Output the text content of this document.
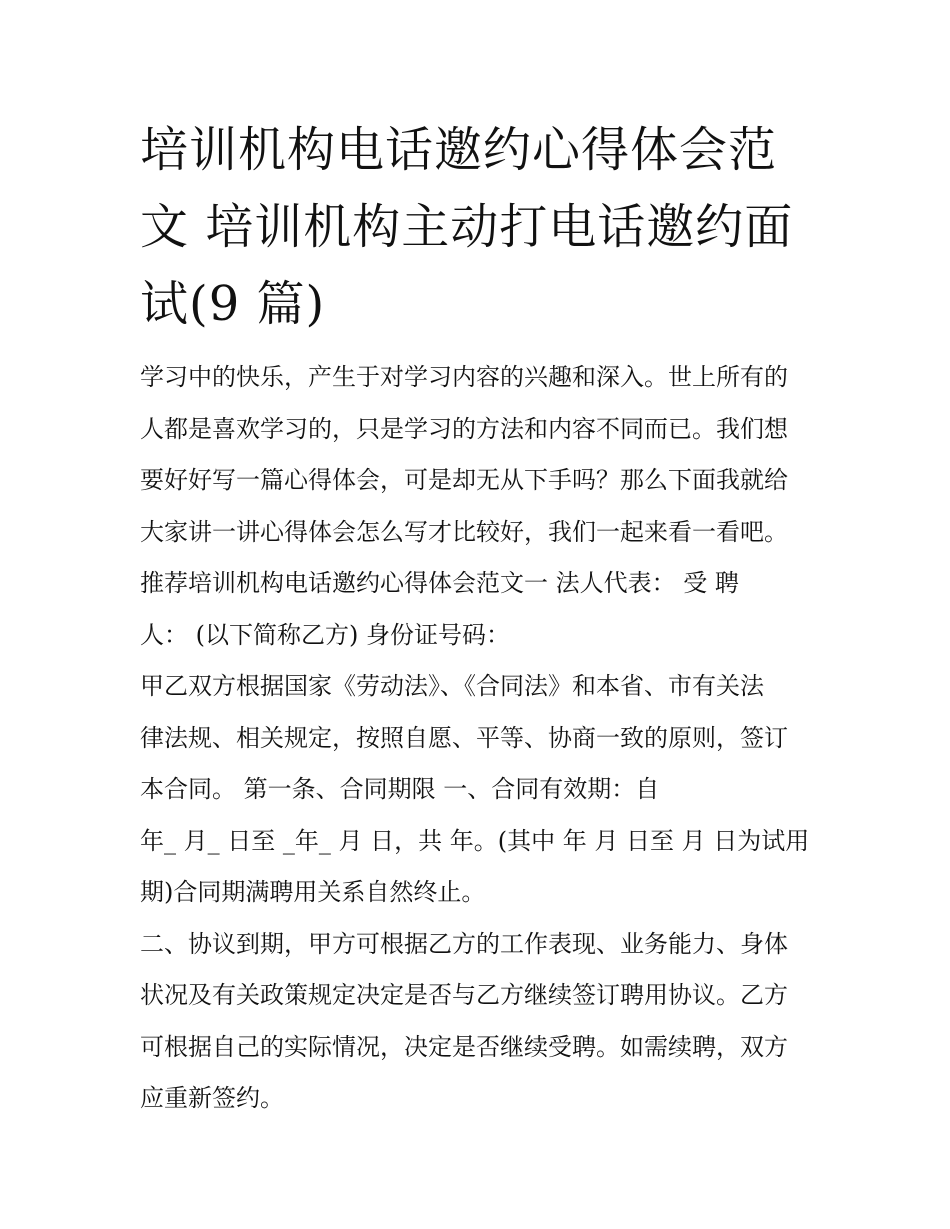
培训机构电话邀约心得体会范
文 培训机构主动打电话邀约面
试(9 篇)
学习中的快乐，产生于对学习内容的兴趣和深入。世上所有的
人都是喜欢学习的，只是学习的方法和内容不同而已。我们想
要好好写一篇心得体会，可是却无从下手吗？那么下面我就给
大家讲一讲心得体会怎么写才比较好，我们一起来看一看吧。
推荐培训机构电话邀约心得体会范文一 法人代表： 受 聘
人： (以下简称乙方) 身份证号码：
甲乙双方根据国家《劳动法》、《合同法》和本省、市有关法
律法规、相关规定，按照自愿、平等、协商一致的原则，签订
本合同。 第一条、合同期限 一、合同有效期：自
年_ 月_ 日至 _年_ 月 日，共 年。(其中 年 月 日至 月 日为试用
期)合同期满聘用关系自然终止。
二、协议到期，甲方可根据乙方的工作表现、业务能力、身体
状况及有关政策规定决定是否与乙方继续签订聘用协议。乙方
可根据自己的实际情况，决定是否继续受聘。如需续聘，双方
应重新签约。
